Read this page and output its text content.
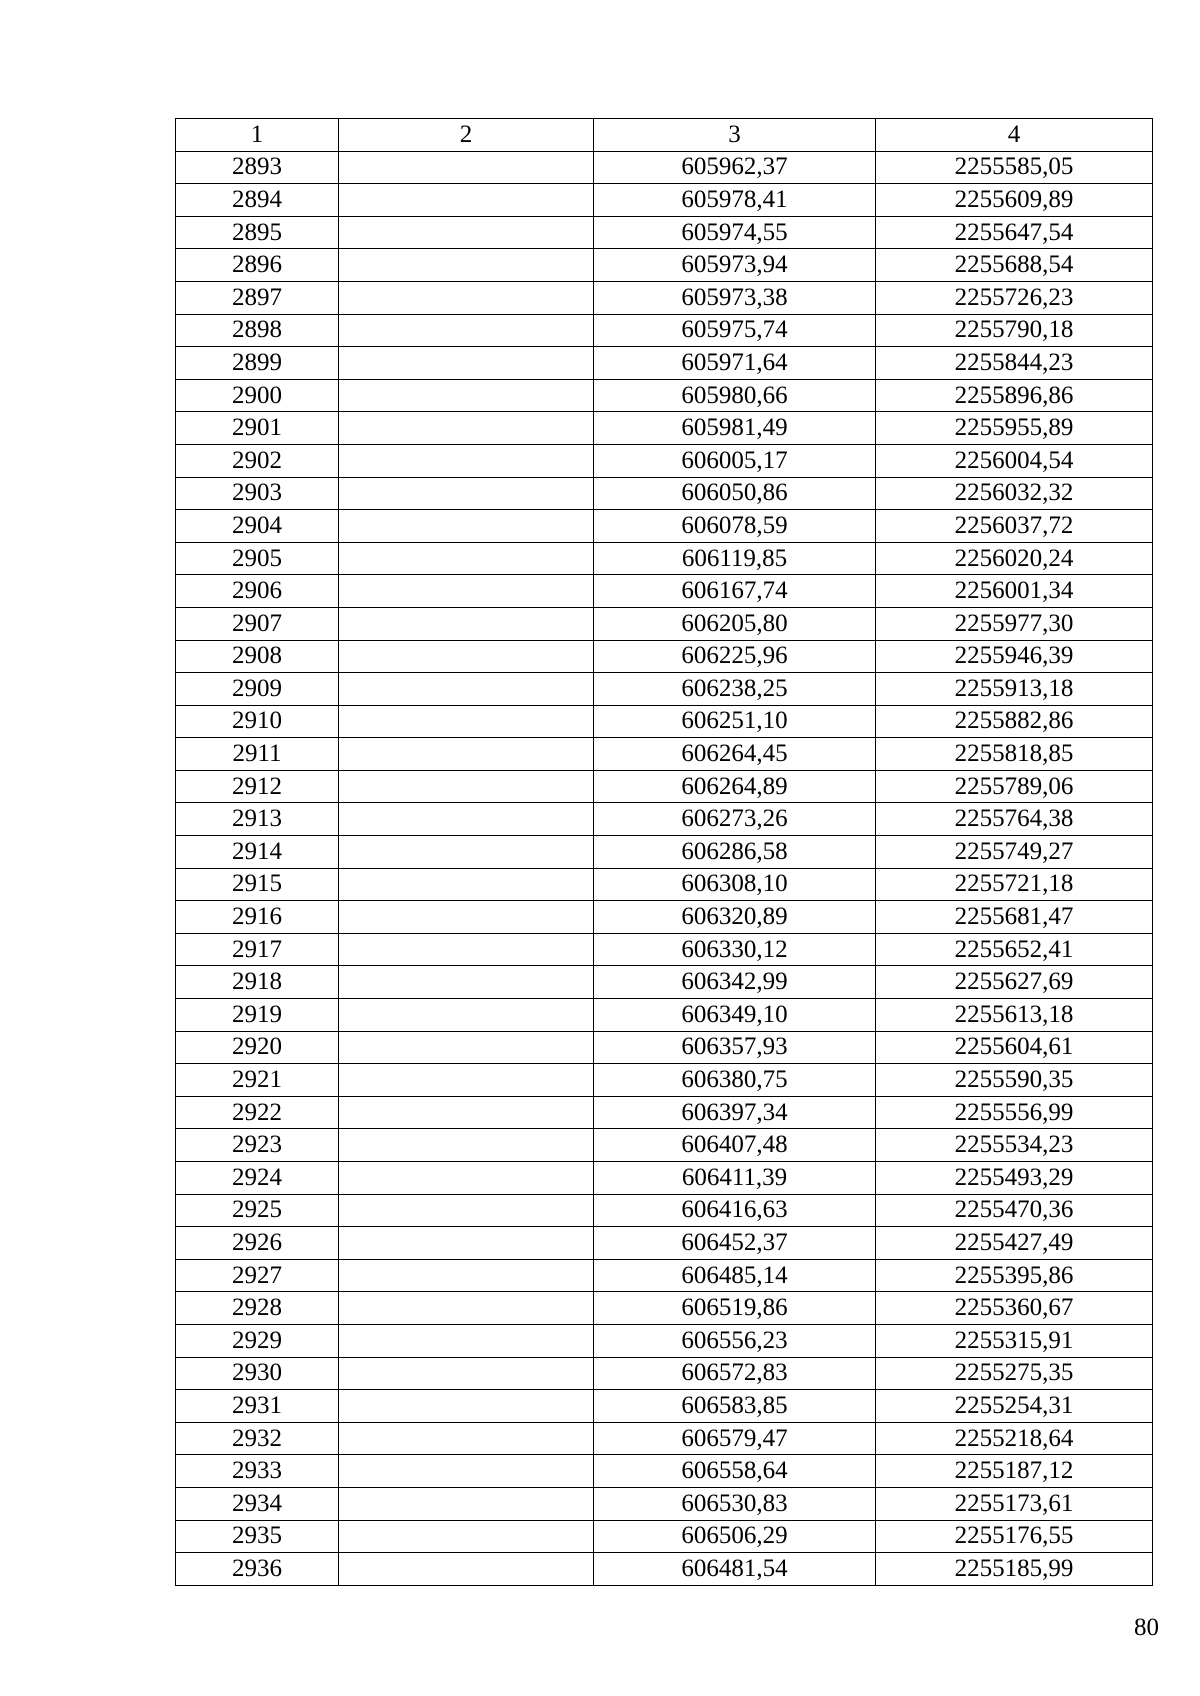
1	2	3	4
2893		605962,37	2255585,05
2894		605978,41	2255609,89
2895		605974,55	2255647,54
2896		605973,94	2255688,54
2897		605973,38	2255726,23
2898		605975,74	2255790,18
2899		605971,64	2255844,23
2900		605980,66	2255896,86
2901		605981,49	2255955,89
2902		606005,17	2256004,54
2903		606050,86	2256032,32
2904		606078,59	2256037,72
2905		606119,85	2256020,24
2906		606167,74	2256001,34
2907		606205,80	2255977,30
2908		606225,96	2255946,39
2909		606238,25	2255913,18
2910		606251,10	2255882,86
2911		606264,45	2255818,85
2912		606264,89	2255789,06
2913		606273,26	2255764,38
2914		606286,58	2255749,27
2915		606308,10	2255721,18
2916		606320,89	2255681,47
2917		606330,12	2255652,41
2918		606342,99	2255627,69
2919		606349,10	2255613,18
2920		606357,93	2255604,61
2921		606380,75	2255590,35
2922		606397,34	2255556,99
2923		606407,48	2255534,23
2924		606411,39	2255493,29
2925		606416,63	2255470,36
2926		606452,37	2255427,49
2927		606485,14	2255395,86
2928		606519,86	2255360,67
2929		606556,23	2255315,91
2930		606572,83	2255275,35
2931		606583,85	2255254,31
2932		606579,47	2255218,64
2933		606558,64	2255187,12
2934		606530,83	2255173,61
2935		606506,29	2255176,55
2936		606481,54	2255185,99
80
